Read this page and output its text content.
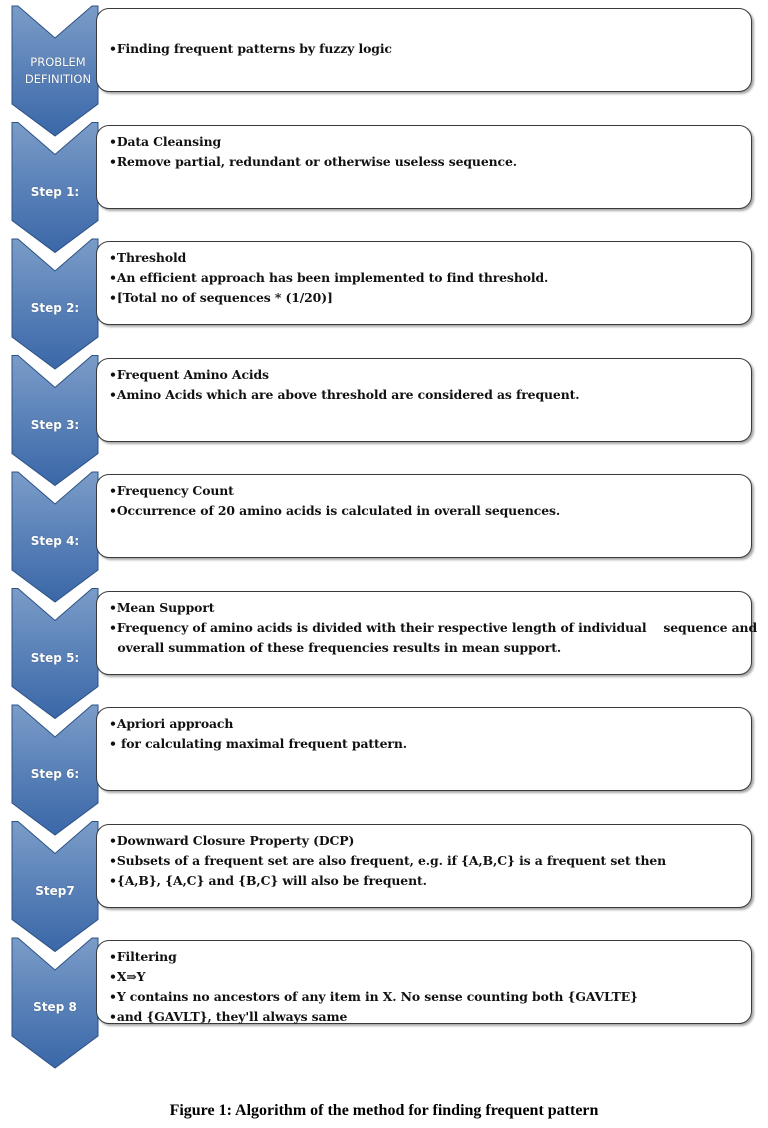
•Finding frequent patterns by fuzzy logic
•Data Cleansing
•Remove partial, redundant or otherwise useless sequence.
•Threshold
•An efficient approach has been implemented to find threshold.
•[Total no of sequences * (1/20)]
•Frequent Amino Acids
•Amino Acids which are above threshold are considered as frequent.
•Frequency Count
•Occurrence of 20 amino acids is calculated in overall sequences.
•Mean Support
•Frequency of amino acids is divided with their respective length of individual    sequence and
overall summation of these frequencies results in mean support.
•Apriori approach
• for calculating maximal frequent pattern.
•Downward Closure Property (DCP)
•Subsets of a frequent set are also frequent, e.g. if {A,B,C} is a frequent set then
•{A,B}, {A,C} and {B,C} will also be frequent.
•Filtering
•X⇒Y
•Y contains no ancestors of any item in X. No sense counting both {GAVLTE}
•and {GAVLT}, they'll always same
Figure 1: Algorithm of the method for finding frequent pattern
PROBLEM DEFINITION
Step 1:
Step 2:
Step 3:
Step 4:
Step 5:
Step 6:
Step7
Step 8
